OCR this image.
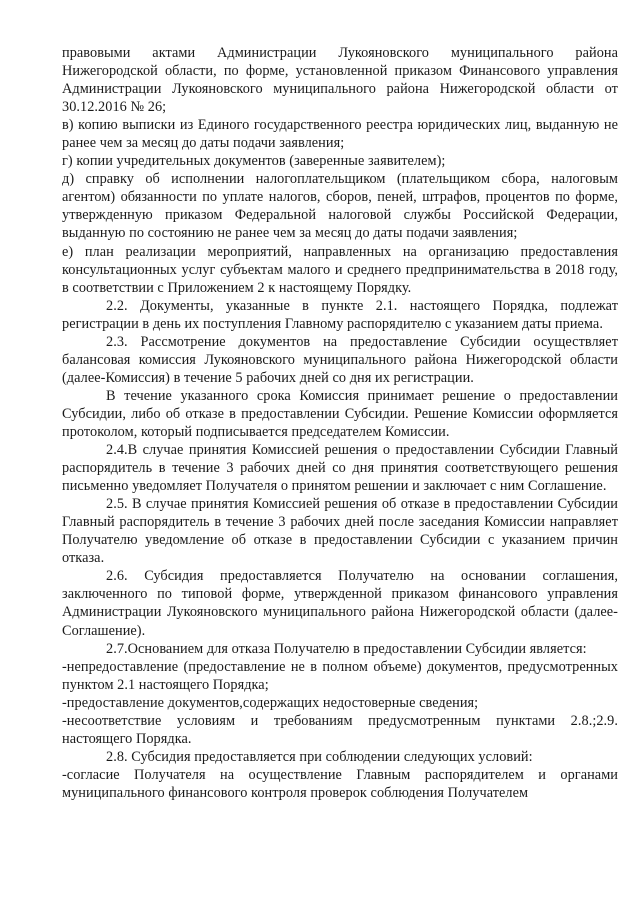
правовыми актами Администрации Лукояновского муниципального района Нижегородской области, по форме, установленной приказом Финансового управления Администрации Лукояновского муниципального района Нижегородской области от 30.12.2016 № 26;

в) копию выписки из Единого государственного реестра юридических лиц, выданную не ранее чем за месяц до даты подачи заявления;

г) копии учредительных документов (заверенные заявителем);

д) справку об исполнении налогоплательщиком (плательщиком сбора, налоговым агентом) обязанности по уплате налогов, сборов, пеней, штрафов, процентов по форме, утвержденную приказом Федеральной налоговой службы Российской Федерации, выданную по состоянию не ранее чем за месяц до даты подачи заявления;

е) план реализации мероприятий, направленных на организацию предоставления консультационных услуг субъектам малого и среднего предпринимательства в 2018 году, в соответствии с Приложением 2 к настоящему Порядку.

2.2. Документы, указанные в пункте 2.1. настоящего Порядка, подлежат регистрации в день их поступления Главному распорядителю с указанием даты приема.

2.3. Рассмотрение документов на предоставление Субсидии осуществляет балансовая комиссия Лукояновского муниципального района Нижегородской области (далее-Комиссия) в течение 5 рабочих дней со дня их регистрации.

В течение указанного срока Комиссия принимает решение о предоставлении Субсидии, либо об отказе в предоставлении Субсидии. Решение Комиссии оформляется протоколом, который подписывается председателем Комиссии.

2.4.В случае принятия Комиссией решения о предоставлении Субсидии Главный распорядитель в течение 3 рабочих дней со дня принятия соответствующего решения письменно уведомляет Получателя о принятом решении и заключает с ним Соглашение.

2.5. В случае принятия Комиссией решения об отказе в предоставлении Субсидии Главный распорядитель в течение 3 рабочих дней после заседания Комиссии направляет Получателю уведомление об отказе в предоставлении Субсидии с указанием причин отказа.

2.6. Субсидия предоставляется Получателю на основании соглашения, заключенного по типовой форме, утвержденной приказом финансового управления Администрации Лукояновского муниципального района Нижегородской области (далее-Соглашение).

2.7.Основанием для отказа Получателю в предоставлении Субсидии является:

-непредоставление (предоставление не в полном объеме) документов, предусмотренных пунктом 2.1 настоящего Порядка;

-предоставление документов,содержащих недостоверные сведения;

-несоответствие условиям и требованиям предусмотренным пунктами 2.8.;2.9. настоящего Порядка.

2.8. Субсидия предоставляется при соблюдении следующих условий:

-согласие Получателя на осуществление Главным распорядителем и органами муниципального финансового контроля проверок соблюдения Получателем
